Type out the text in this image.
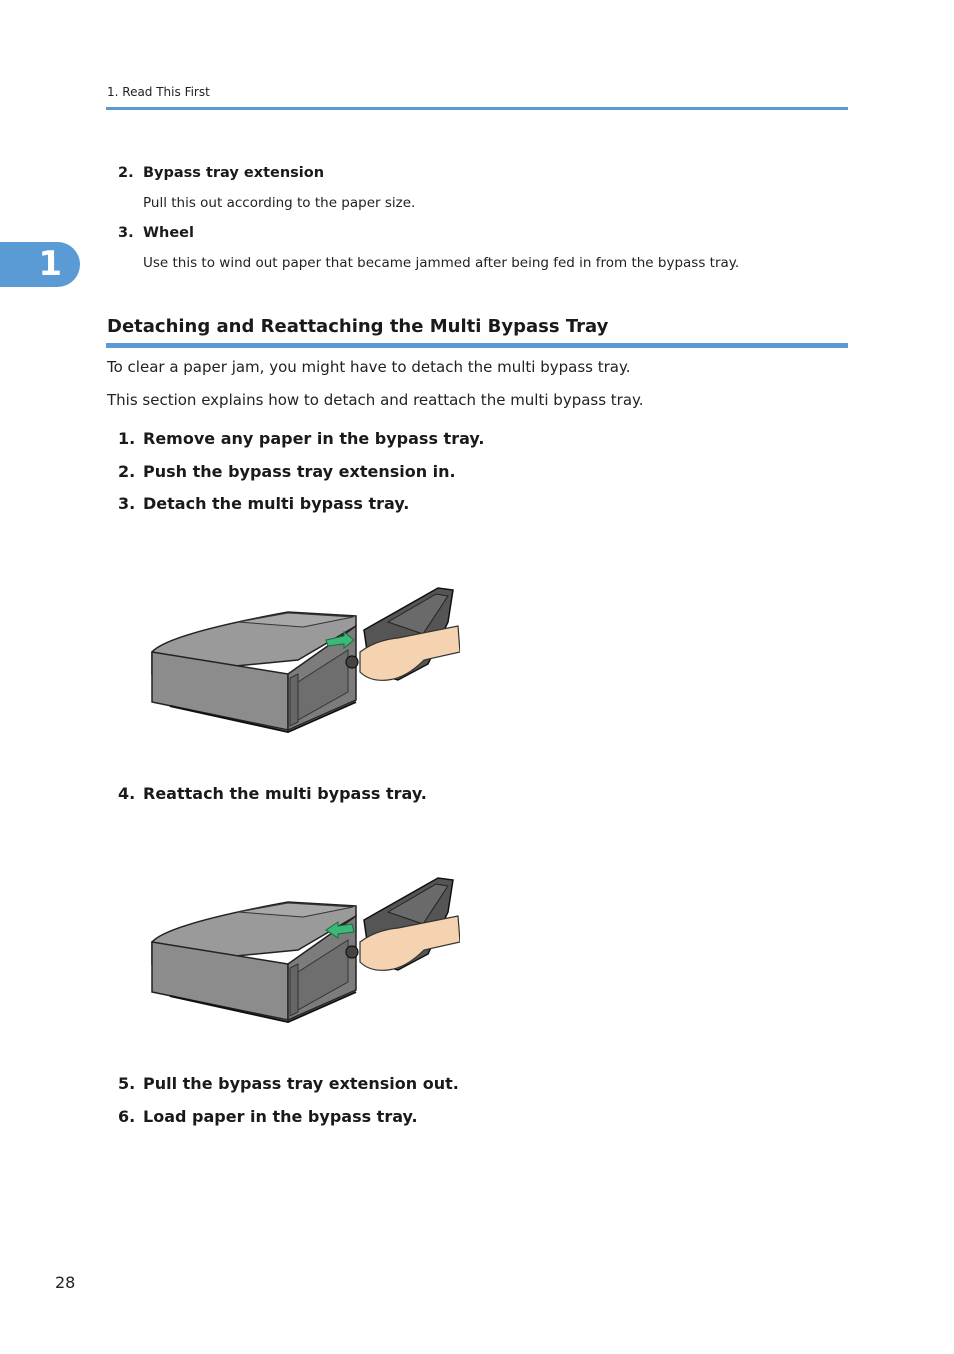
1. Read This First
1
2. Bypass tray extension
Pull this out according to the paper size.
3. Wheel
Use this to wind out paper that became jammed after being fed in from the bypass tray.
Detaching and Reattaching the Multi Bypass Tray
To clear a paper jam, you might have to detach the multi bypass tray.
This section explains how to detach and reattach the multi bypass tray.
1. Remove any paper in the bypass tray.
2. Push the bypass tray extension in.
3. Detach the multi bypass tray.
4. Reattach the multi bypass tray.
5. Pull the bypass tray extension out.
6. Load paper in the bypass tray.
28
